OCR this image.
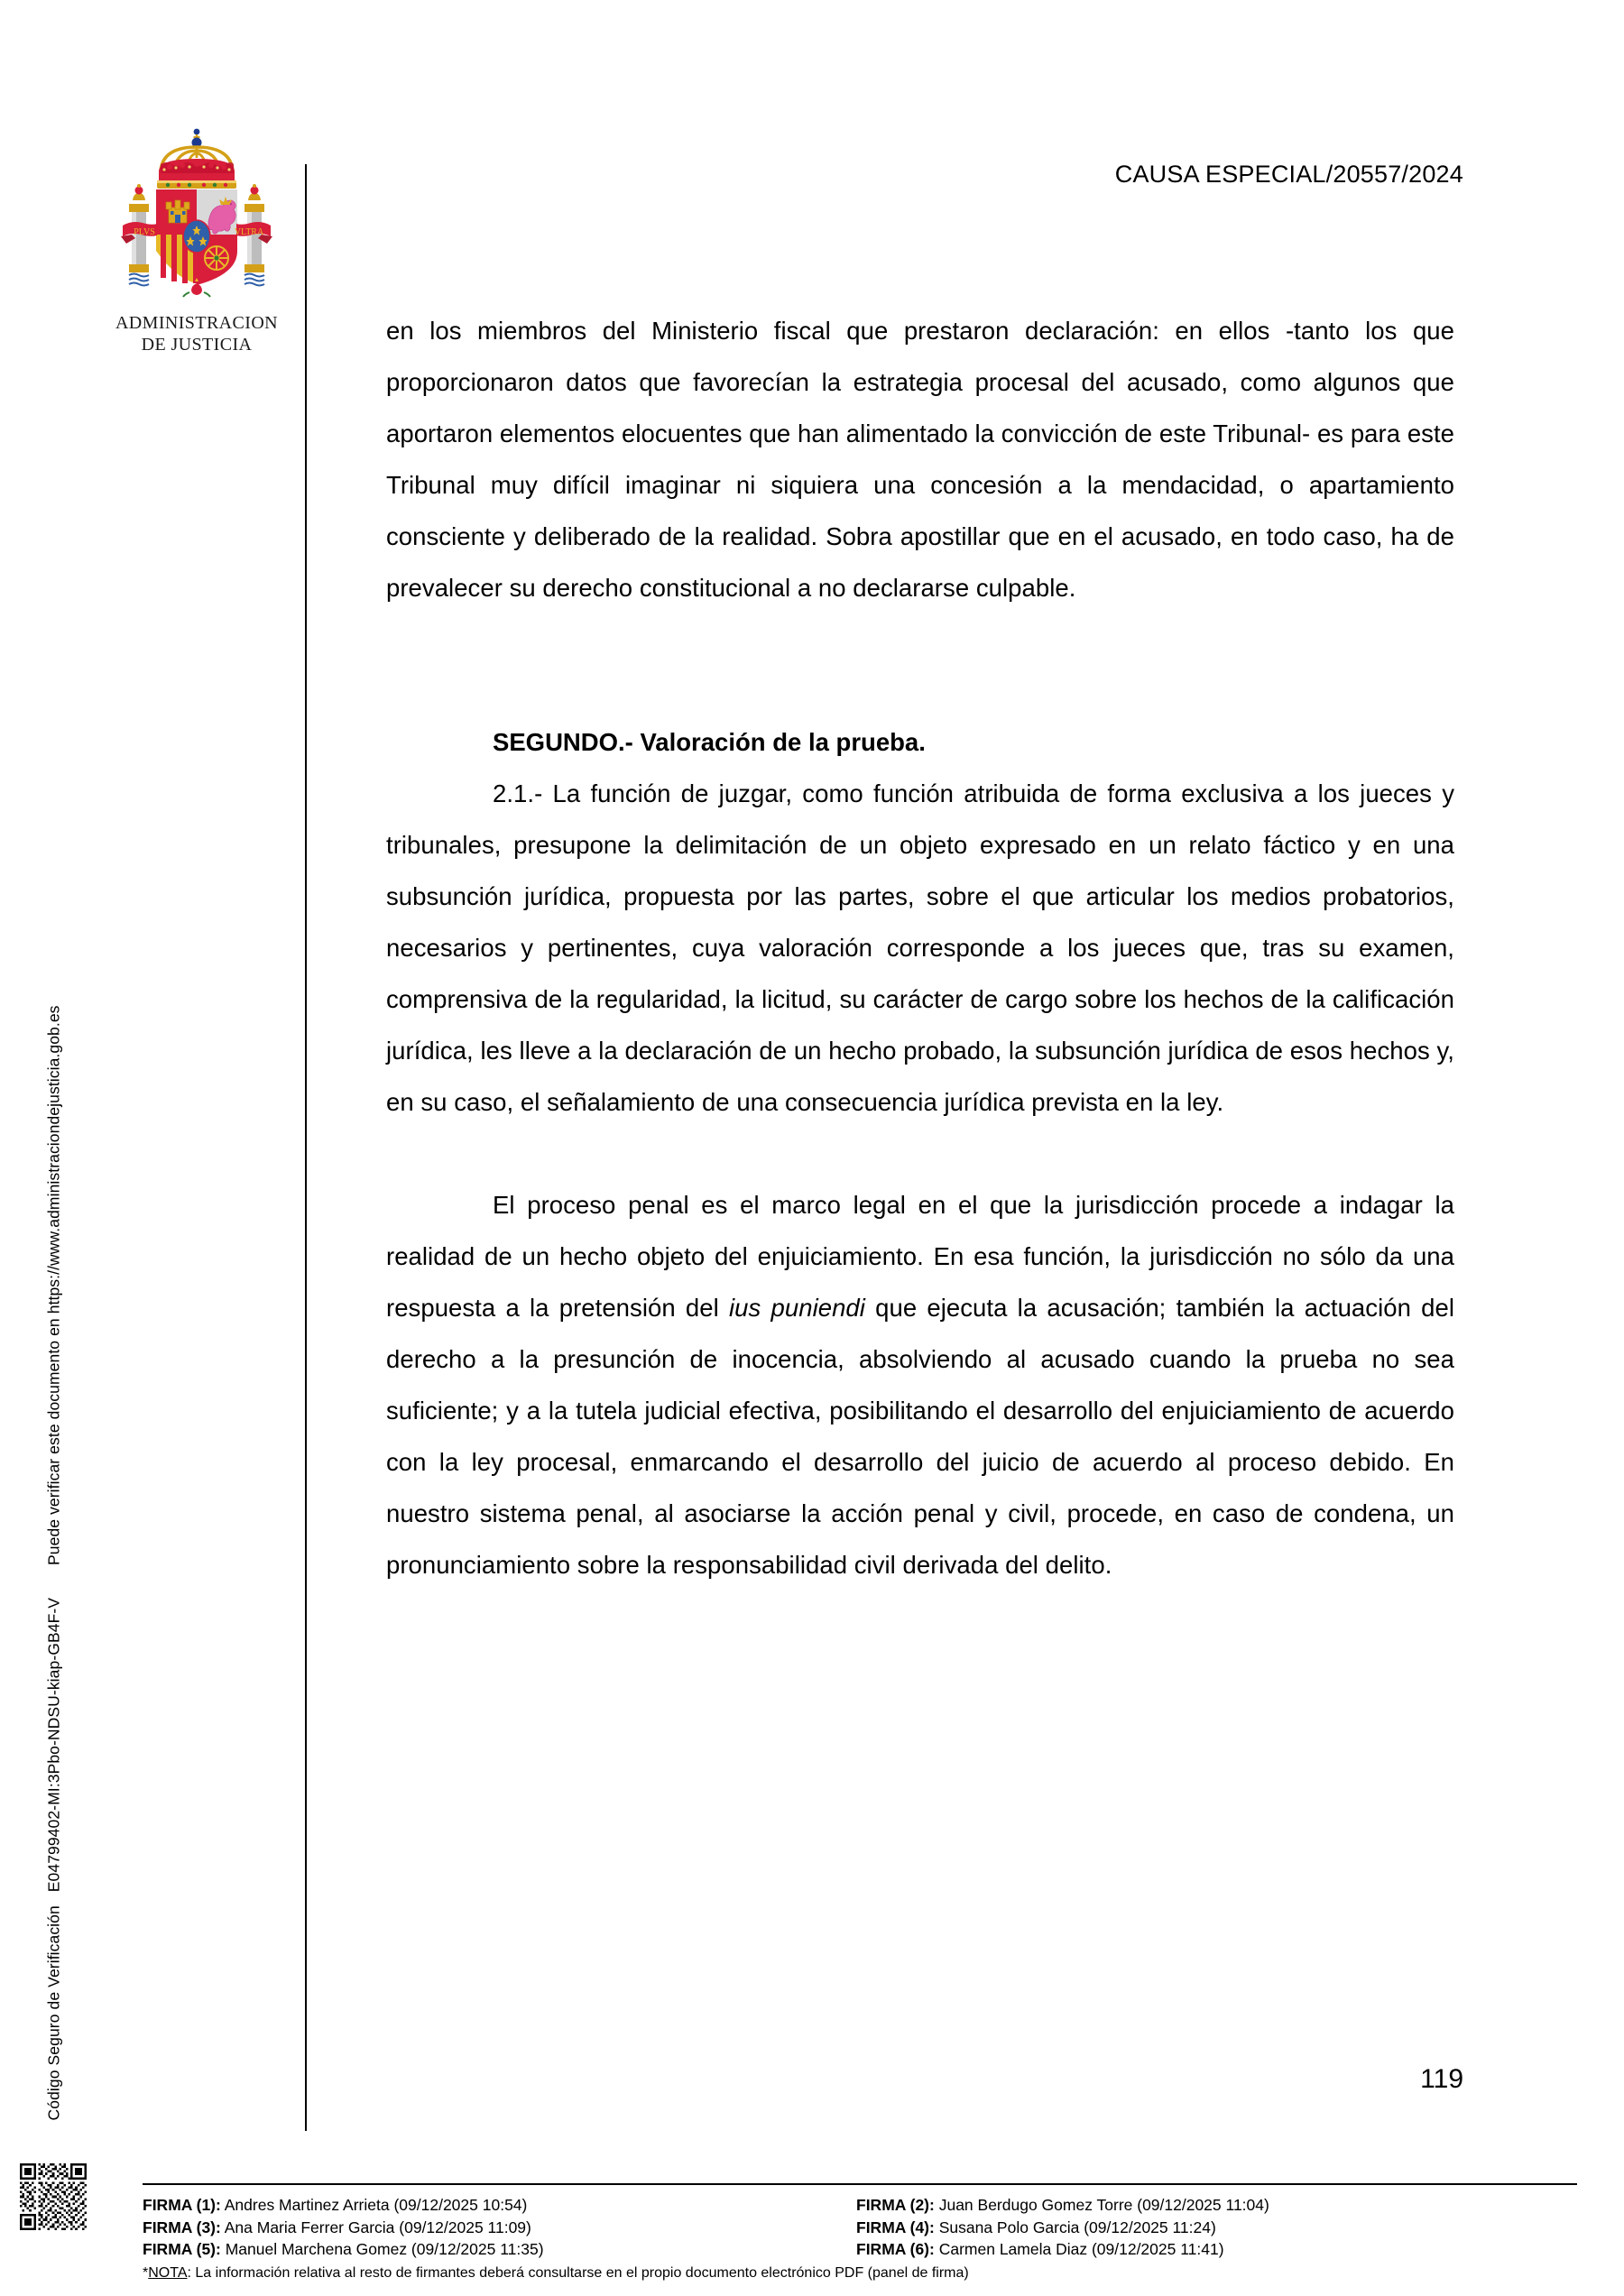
Código Seguro de Verificación   E04799402-MI:3Pbo-NDSU-kiap-GB4F-V  Puede verificar este documento en https://www.administraciondejusticia.gob.es
PLVS	VLTRA
ADMINISTRACION
DE JUSTICIA
CAUSA ESPECIAL/20557/2024

en los miembros del Ministerio fiscal que prestaron declaración: en ellos -tanto los que proporcionaron datos que favorecían la estrategia procesal del acusado, como algunos que aportaron elementos elocuentes que han alimentado la convicción de este Tribunal- es para este Tribunal muy difícil imaginar ni siquiera una concesión a la mendacidad, o apartamiento consciente y deliberado de la realidad. Sobra apostillar que en el acusado, en todo caso, ha de prevalecer su derecho constitucional a no declararse culpable.

SEGUNDO.- Valoración de la prueba.

2.1.- La función de juzgar, como función atribuida de forma exclusiva a los jueces y tribunales, presupone la delimitación de un objeto expresado en un relato fáctico y en una subsunción jurídica, propuesta por las partes, sobre el que articular los medios probatorios, necesarios y pertinentes, cuya valoración corresponde a los jueces que, tras su examen, comprensiva de la regularidad, la licitud, su carácter de cargo sobre los hechos de la calificación jurídica, les lleve a la declaración de un hecho probado, la subsunción jurídica de esos hechos y, en su caso, el señalamiento de una consecuencia jurídica prevista en la ley.

El proceso penal es el marco legal en el que la jurisdicción procede a indagar la realidad de un hecho objeto del enjuiciamiento. En esa función, la jurisdicción no sólo da una respuesta a la pretensión del ius puniendi que ejecuta la acusación; también la actuación del derecho a la presunción de inocencia, absolviendo al acusado cuando la prueba no sea suficiente; y a la tutela judicial efectiva, posibilitando el desarrollo del enjuiciamiento de acuerdo con la ley procesal, enmarcando el desarrollo del juicio de acuerdo al proceso debido. En nuestro sistema penal, al asociarse la acción penal y civil, procede, en caso de condena, un pronunciamiento sobre la responsabilidad civil derivada del delito.

119
FIRMA (1): Andres Martinez Arrieta (09/12/2025 10:54)
FIRMA (3): Ana Maria Ferrer Garcia (09/12/2025 11:09)
FIRMA (5): Manuel Marchena Gomez (09/12/2025 11:35)
FIRMA (2): Juan Berdugo Gomez Torre (09/12/2025 11:04)
FIRMA (4): Susana Polo Garcia (09/12/2025 11:24)
FIRMA (6): Carmen Lamela Diaz (09/12/2025 11:41)
*NOTA: La información relativa al resto de firmantes deberá consultarse en el propio documento electrónico PDF (panel de firma)
